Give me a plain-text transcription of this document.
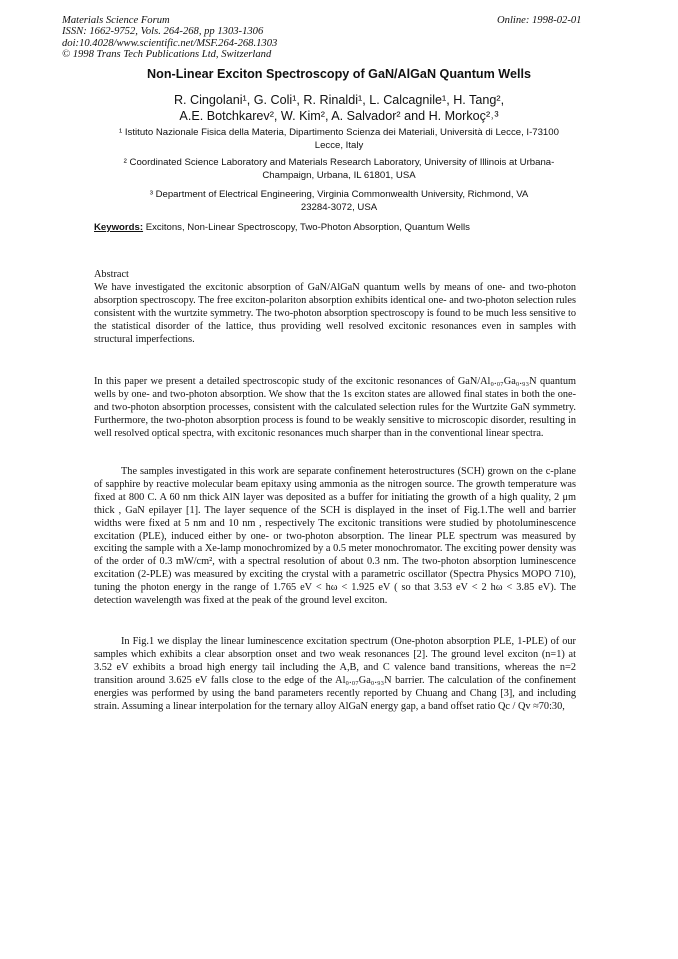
Materials Science Forum
ISSN: 1662-9752, Vols. 264-268, pp 1303-1306
doi:10.4028/www.scientific.net/MSF.264-268.1303
© 1998 Trans Tech Publications Ltd, Switzerland
Online: 1998-02-01
Non-Linear Exciton Spectroscopy of GaN/AlGaN Quantum Wells
R. Cingolani¹, G. Coli¹, R. Rinaldi¹, L. Calcagnile¹, H. Tang²,
A.E. Botchkarev², W. Kim², A. Salvador² and H. Morkoç²˒³
¹ Istituto Nazionale Fisica della Materia, Dipartimento Scienza dei Materiali, Università di Lecce, I-73100 Lecce, Italy
² Coordinated Science Laboratory and Materials Research Laboratory, University of Illinois at Urbana-Champaign, Urbana, IL 61801, USA
³ Department of Electrical Engineering, Virginia Commonwealth University, Richmond, VA 23284-3072, USA
Keywords: Excitons, Non-Linear Spectroscopy, Two-Photon Absorption, Quantum Wells
Abstract

We have investigated the excitonic absorption of GaN/AlGaN quantum wells by means of one- and two-photon absorption spectroscopy. The free exciton-polariton absorption exhibits identical one- and two-photon selection rules consistent with the wurtzite symmetry. The two-photon absorption spectroscopy is found to be much less sensitive to the statistical disorder of the lattice, thus providing well resolved excitonic resonances even in samples with structural imperfections.

In this paper we present a detailed spectroscopic study of the excitonic resonances of GaN/Al₀.₀₇Ga₀.₉₃N quantum wells by one- and two-photon absorption. We show that the 1s exciton states are allowed final states in both the one- and two-photon absorption processes, consistent with the calculated selection rules for the Wurtzite GaN symmetry. Furthermore, the two-photon absorption process is found to be weakly sensitive to microscopic disorder, resulting in well resolved optical spectra, with excitonic resonances much sharper than in the conventional linear spectra.

The samples investigated in this work are separate confinement heterostructures (SCH) grown on the c-plane of sapphire by reactive molecular beam epitaxy using ammonia as the nitrogen source. The growth temperature was fixed at 800 C. A 60 nm thick AlN layer was deposited as a buffer for initiating the growth of a high quality, 2 μm thick , GaN epilayer [1]. The layer sequence of the SCH is displayed in the inset of Fig.1.The well and barrier widths were fixed at 5 nm and 10 nm , respectively The excitonic transitions were studied by photoluminescence excitation (PLE), induced either by one- or two-photon absorption. The linear PLE spectrum was measured by exciting the sample with a Xe-lamp monochromized by a 0.5 meter monochromator. The exciting power density was of the order of 0.3 mW/cm², with a spectral resolution of about 0.3 nm. The two-photon absorption luminescence excitation (2-PLE) was measured by exciting the crystal with a parametric oscillator (Spectra Physics MOPO 710), tuning the photon energy in the range of 1.765 eV < hω < 1.925 eV ( so that 3.53 eV < 2 hω < 3.85 eV). The detection wavelength was fixed at the peak of the ground level exciton.

In Fig.1 we display the linear luminescence excitation spectrum (One-photon absorption PLE, 1-PLE) of our samples which exhibits a clear absorption onset and two weak resonances [2]. The ground level exciton (n=1) at 3.52 eV exhibits a broad high energy tail including the A,B, and C valence band transitions, whereas the n=2 transition around 3.625 eV falls close to the edge of the Al₀.₀₇Ga₀.₉₃N barrier. The calculation of the confinement energies was performed by using the band parameters recently reported by Chuang and Chang [3], and including strain. Assuming a linear interpolation for the ternary alloy AlGaN energy gap, a band offset ratio Qc / Qv ≈70:30,
